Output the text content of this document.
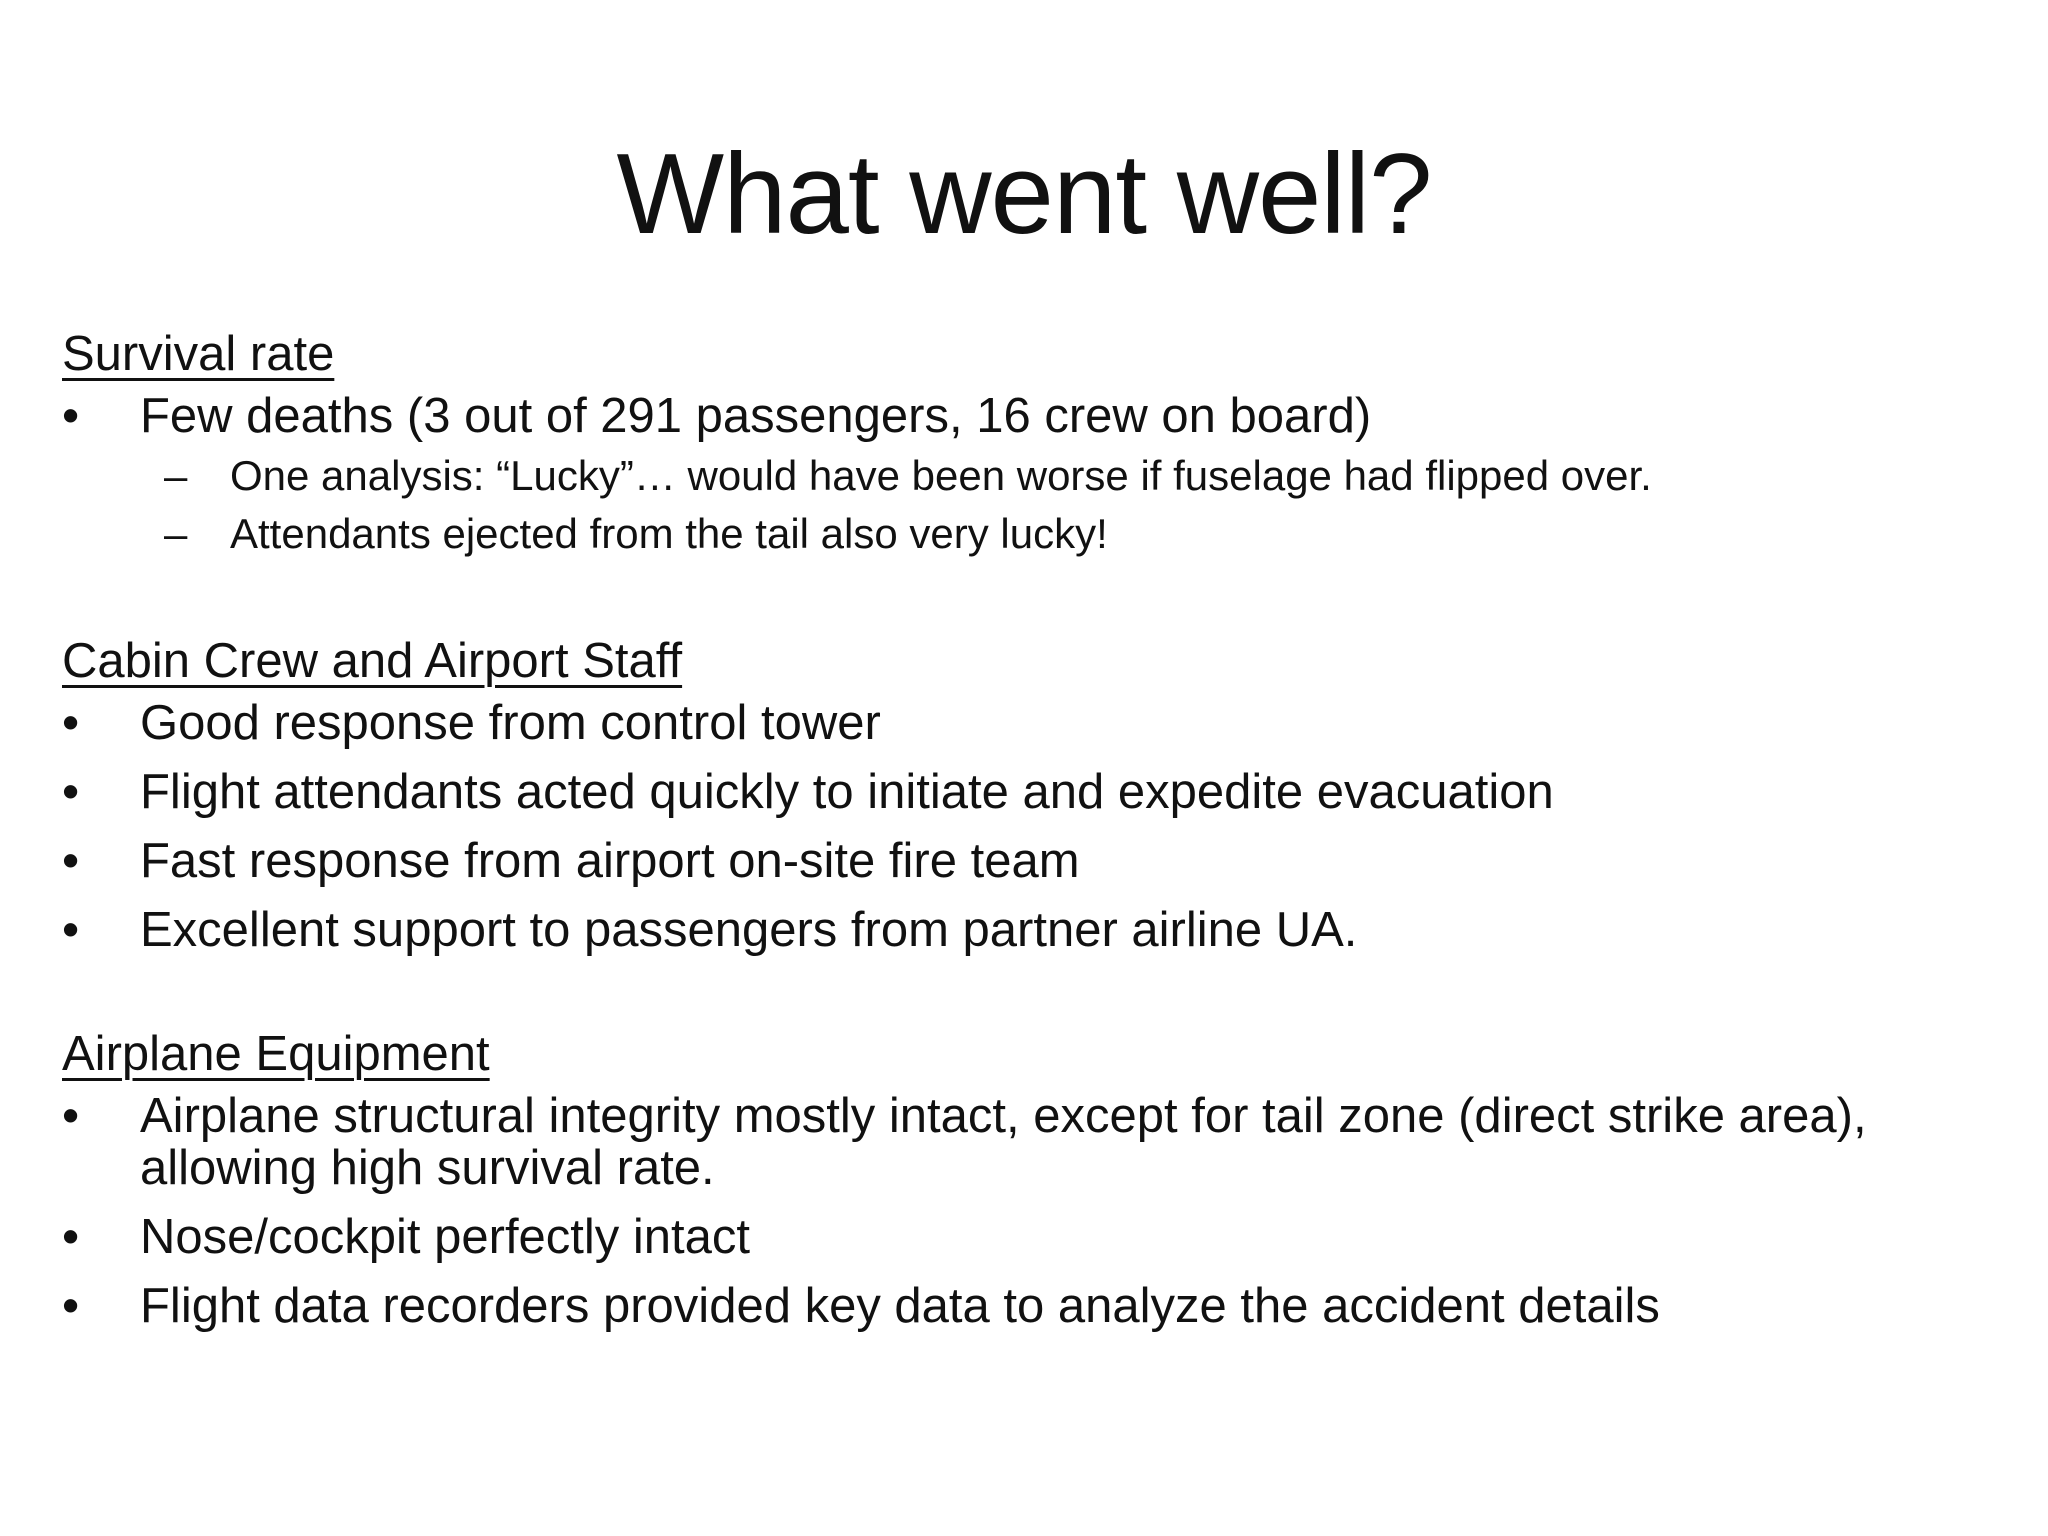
What went well?
Survival rate
•	Few deaths (3 out of 291 passengers, 16 crew on board)
– One analysis: “Lucky”… would have been worse if fuselage had flipped over.
– Attendants ejected from the tail also very lucky!
Cabin Crew and Airport Staff
•	Good response from control tower
•	Flight attendants acted quickly to initiate and expedite evacuation
•	Fast response from airport on-site fire team
•	Excellent support to passengers from partner airline UA.
Airplane Equipment
•	Airplane structural integrity mostly intact, except for tail zone (direct strike area), allowing high survival rate.
•	Nose/cockpit perfectly intact
•	Flight data recorders provided key data to analyze the accident details
